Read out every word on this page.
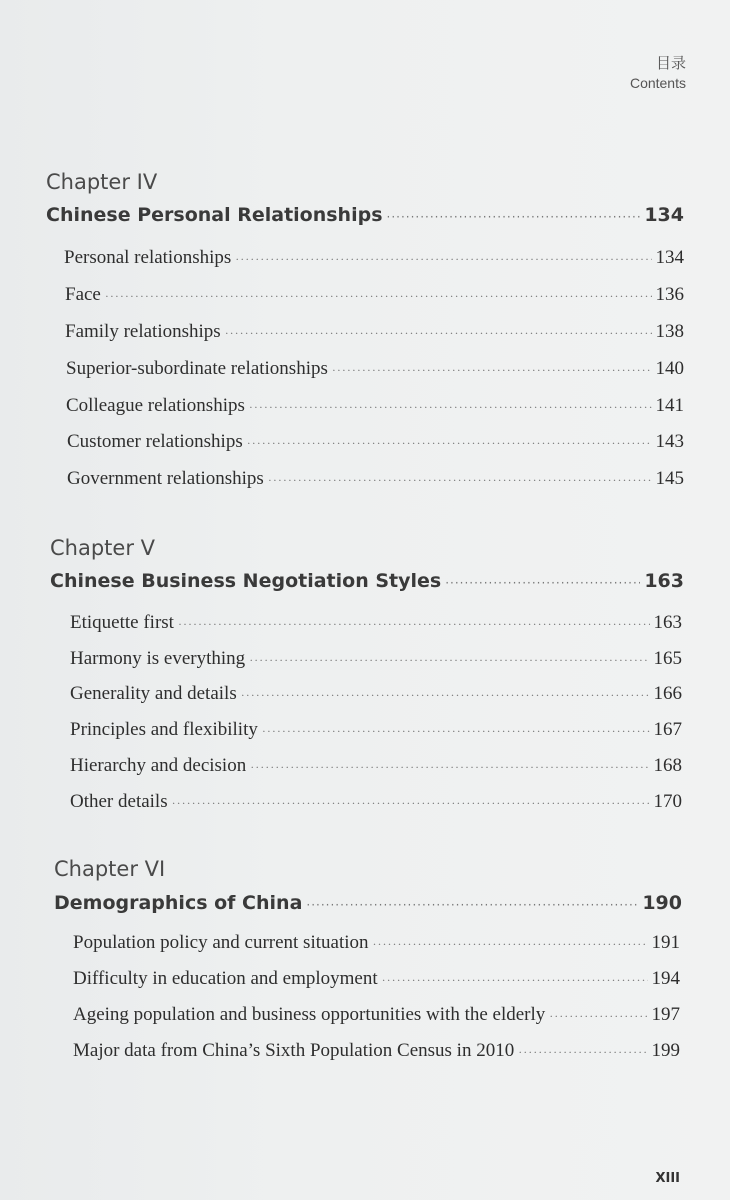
目录
Contents
Chapter IV
Chinese Personal Relationships ·····	134
Personal relationships ·····	134
Face ·····	136
Family relationships ·····	138
Superior-subordinate relationships ·····	140
Colleague relationships ·····	141
Customer relationships ·····	143
Government relationships ·····	145
Chapter V
Chinese Business Negotiation Styles ·····	163
Etiquette first ·····	163
Harmony is everything ·····	165
Generality and details ·····	166
Principles and flexibility ·····	167
Hierarchy and decision ·····	168
Other details ·····	170
Chapter VI
Demographics of China ·····	190
Population policy and current situation ·····	191
Difficulty in education and employment ·····	194
Ageing population and business opportunities with the elderly ·····	197
Major data from China’s Sixth Population Census in 2010 ·····	199
XIII
